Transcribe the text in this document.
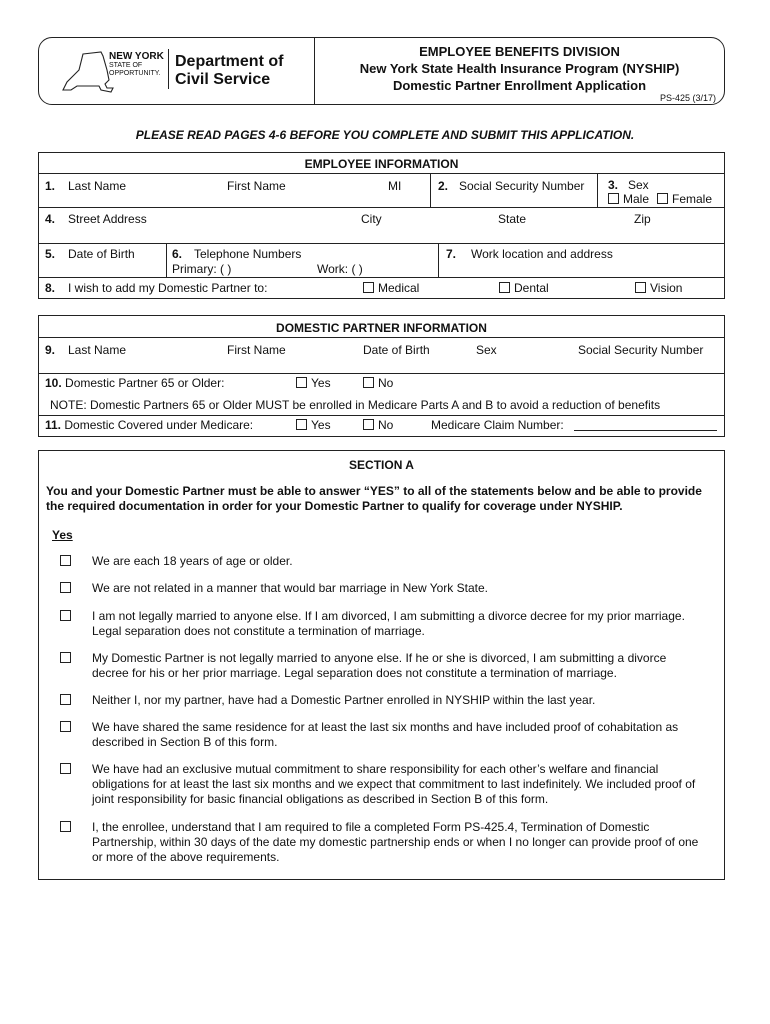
NEW YORK
STATE OF
OPPORTUNITY.
Department of
Civil Service
EMPLOYEE BENEFITS DIVISION
New York State Health Insurance Program (NYSHIP)
Domestic Partner Enrollment Application
PS-425 (3/17)
PLEASE READ PAGES 4-6 BEFORE YOU COMPLETE AND SUBMIT THIS APPLICATION.
EMPLOYEE INFORMATION
1. Last Name	First Name	MI	2. Social Security Number 3. Sex
Male	Female
4. Street Address	City	State	Zip
5. Date of Birth	6. Telephone Numbers
Primary: ( )	Work: ( )
7. Work location and address
8. I wish to add my Domestic Partner to:	Medical	Dental	Vision
DOMESTIC PARTNER INFORMATION
9. Last Name	First Name	Date of Birth	Sex	Social Security Number
10. Domestic Partner 65 or Older:	Yes	No
NOTE: Domestic Partners 65 or Older MUST be enrolled in Medicare Parts A and B to avoid a reduction of benefits
11. Domestic Covered under Medicare:	Yes	No	Medicare Claim Number:
SECTION A
You and your Domestic Partner must be able to answer “YES” to all of the statements below and be able to provide the required documentation in order for your Domestic Partner to qualify for coverage under NYSHIP.
Yes
We are each 18 years of age or older.
We are not related in a manner that would bar marriage in New York State.
I am not legally married to anyone else. If I am divorced, I am submitting a divorce decree for my prior marriage. Legal separation does not constitute a termination of marriage.
My Domestic Partner is not legally married to anyone else. If he or she is divorced, I am submitting a divorce decree for his or her prior marriage. Legal separation does not constitute a termination of marriage.
Neither I, nor my partner, have had a Domestic Partner enrolled in NYSHIP within the last year.
We have shared the same residence for at least the last six months and have included proof of cohabitation as described in Section B of this form.
We have had an exclusive mutual commitment to share responsibility for each other’s welfare and financial obligations for at least the last six months and we expect that commitment to last indefinitely. We included proof of joint responsibility for basic financial obligations as described in Section B of this form.
I, the enrollee, understand that I am required to file a completed Form PS-425.4, Termination of Domestic Partnership, within 30 days of the date my domestic partnership ends or when I no longer can provide proof of one or more of the above requirements.
